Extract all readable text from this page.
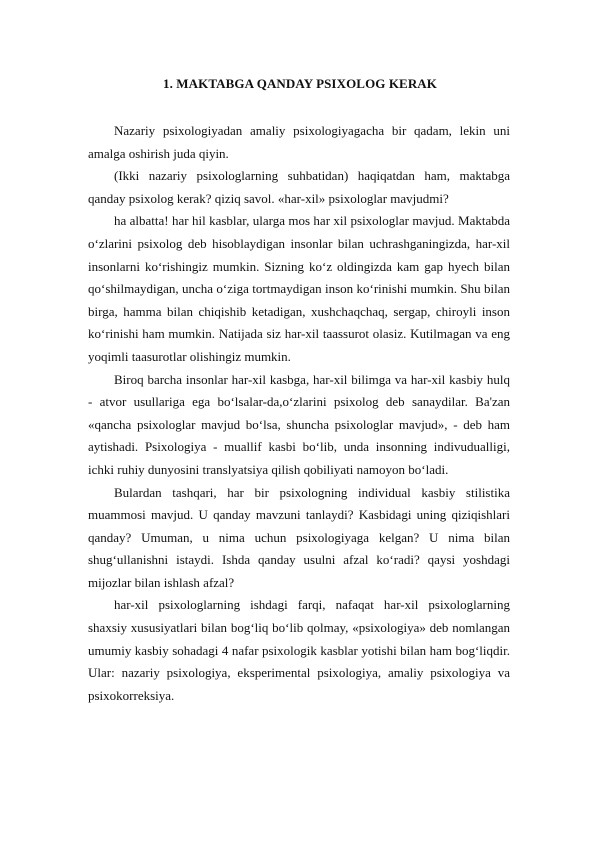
1. MAKTABGA QANDAY PSIXOLOG KERAK

Nazariy psixologiyadan amaliy psixologiyagacha bir qadam, lekin uni amalga oshirish juda qiyin.

(Ikki nazariy psixologlarning suhbatidan) haqiqatdan ham, maktabga qanday psixolog kerak? qiziq savol. «har-xil» psixologlar mavjudmi?

ha albatta! har hil kasblar, ularga mos har xil psixologlar mavjud. Maktabda o‘zlarini psixolog deb hisoblaydigan insonlar bilan uchrashganingizda, har-xil insonlarni ko‘rishingiz mumkin. Sizning ko‘z oldingizda kam gap hyech bilan qo‘shilmaydigan, uncha o‘ziga tortmaydigan inson ko‘rinishi mumkin. Shu bilan birga, hamma bilan chiqishib ketadigan, xushchaqchaq, sergap, chiroyli inson ko‘rinishi ham mumkin. Natijada siz har-xil taassurot olasiz. Kutilmagan va eng yoqimli taasurotlar olishingiz mumkin.

Biroq barcha insonlar har-xil kasbga, har-xil bilimga va har-xil kasbiy hulq - atvor usullariga ega bo‘lsalar-da,o‘zlarini psixolog deb sanaydilar. Ba'zan «qancha psixologlar mavjud bo‘lsa, shuncha psixologlar mavjud», - deb ham aytishadi. Psixologiya - muallif kasbi bo‘lib, unda insonning indivudualligi, ichki ruhiy dunyosini translyatsiya qilish qobiliyati namoyon bo‘ladi.

Bulardan tashqari, har bir psixologning individual kasbiy stilistika muammosi mavjud. U qanday mavzuni tanlaydi? Kasbidagi uning qiziqishlari qanday? Umuman, u nima uchun psixologiyaga kelgan? U nima bilan shug‘ullanishni istaydi. Ishda qanday usulni afzal ko‘radi? qaysi yoshdagi mijozlar bilan ishlash afzal?

har-xil psixologlarning ishdagi farqi, nafaqat har-xil psixologlarning shaxsiy xususiyatlari bilan bog‘liq bo‘lib qolmay, «psixologiya» deb nomlangan umumiy kasbiy sohadagi 4 nafar psixologik kasblar yotishi bilan ham bog‘liqdir. Ular: nazariy psixologiya, eksperimental psixologiya, amaliy psixologiya va psixokorreksiya.
